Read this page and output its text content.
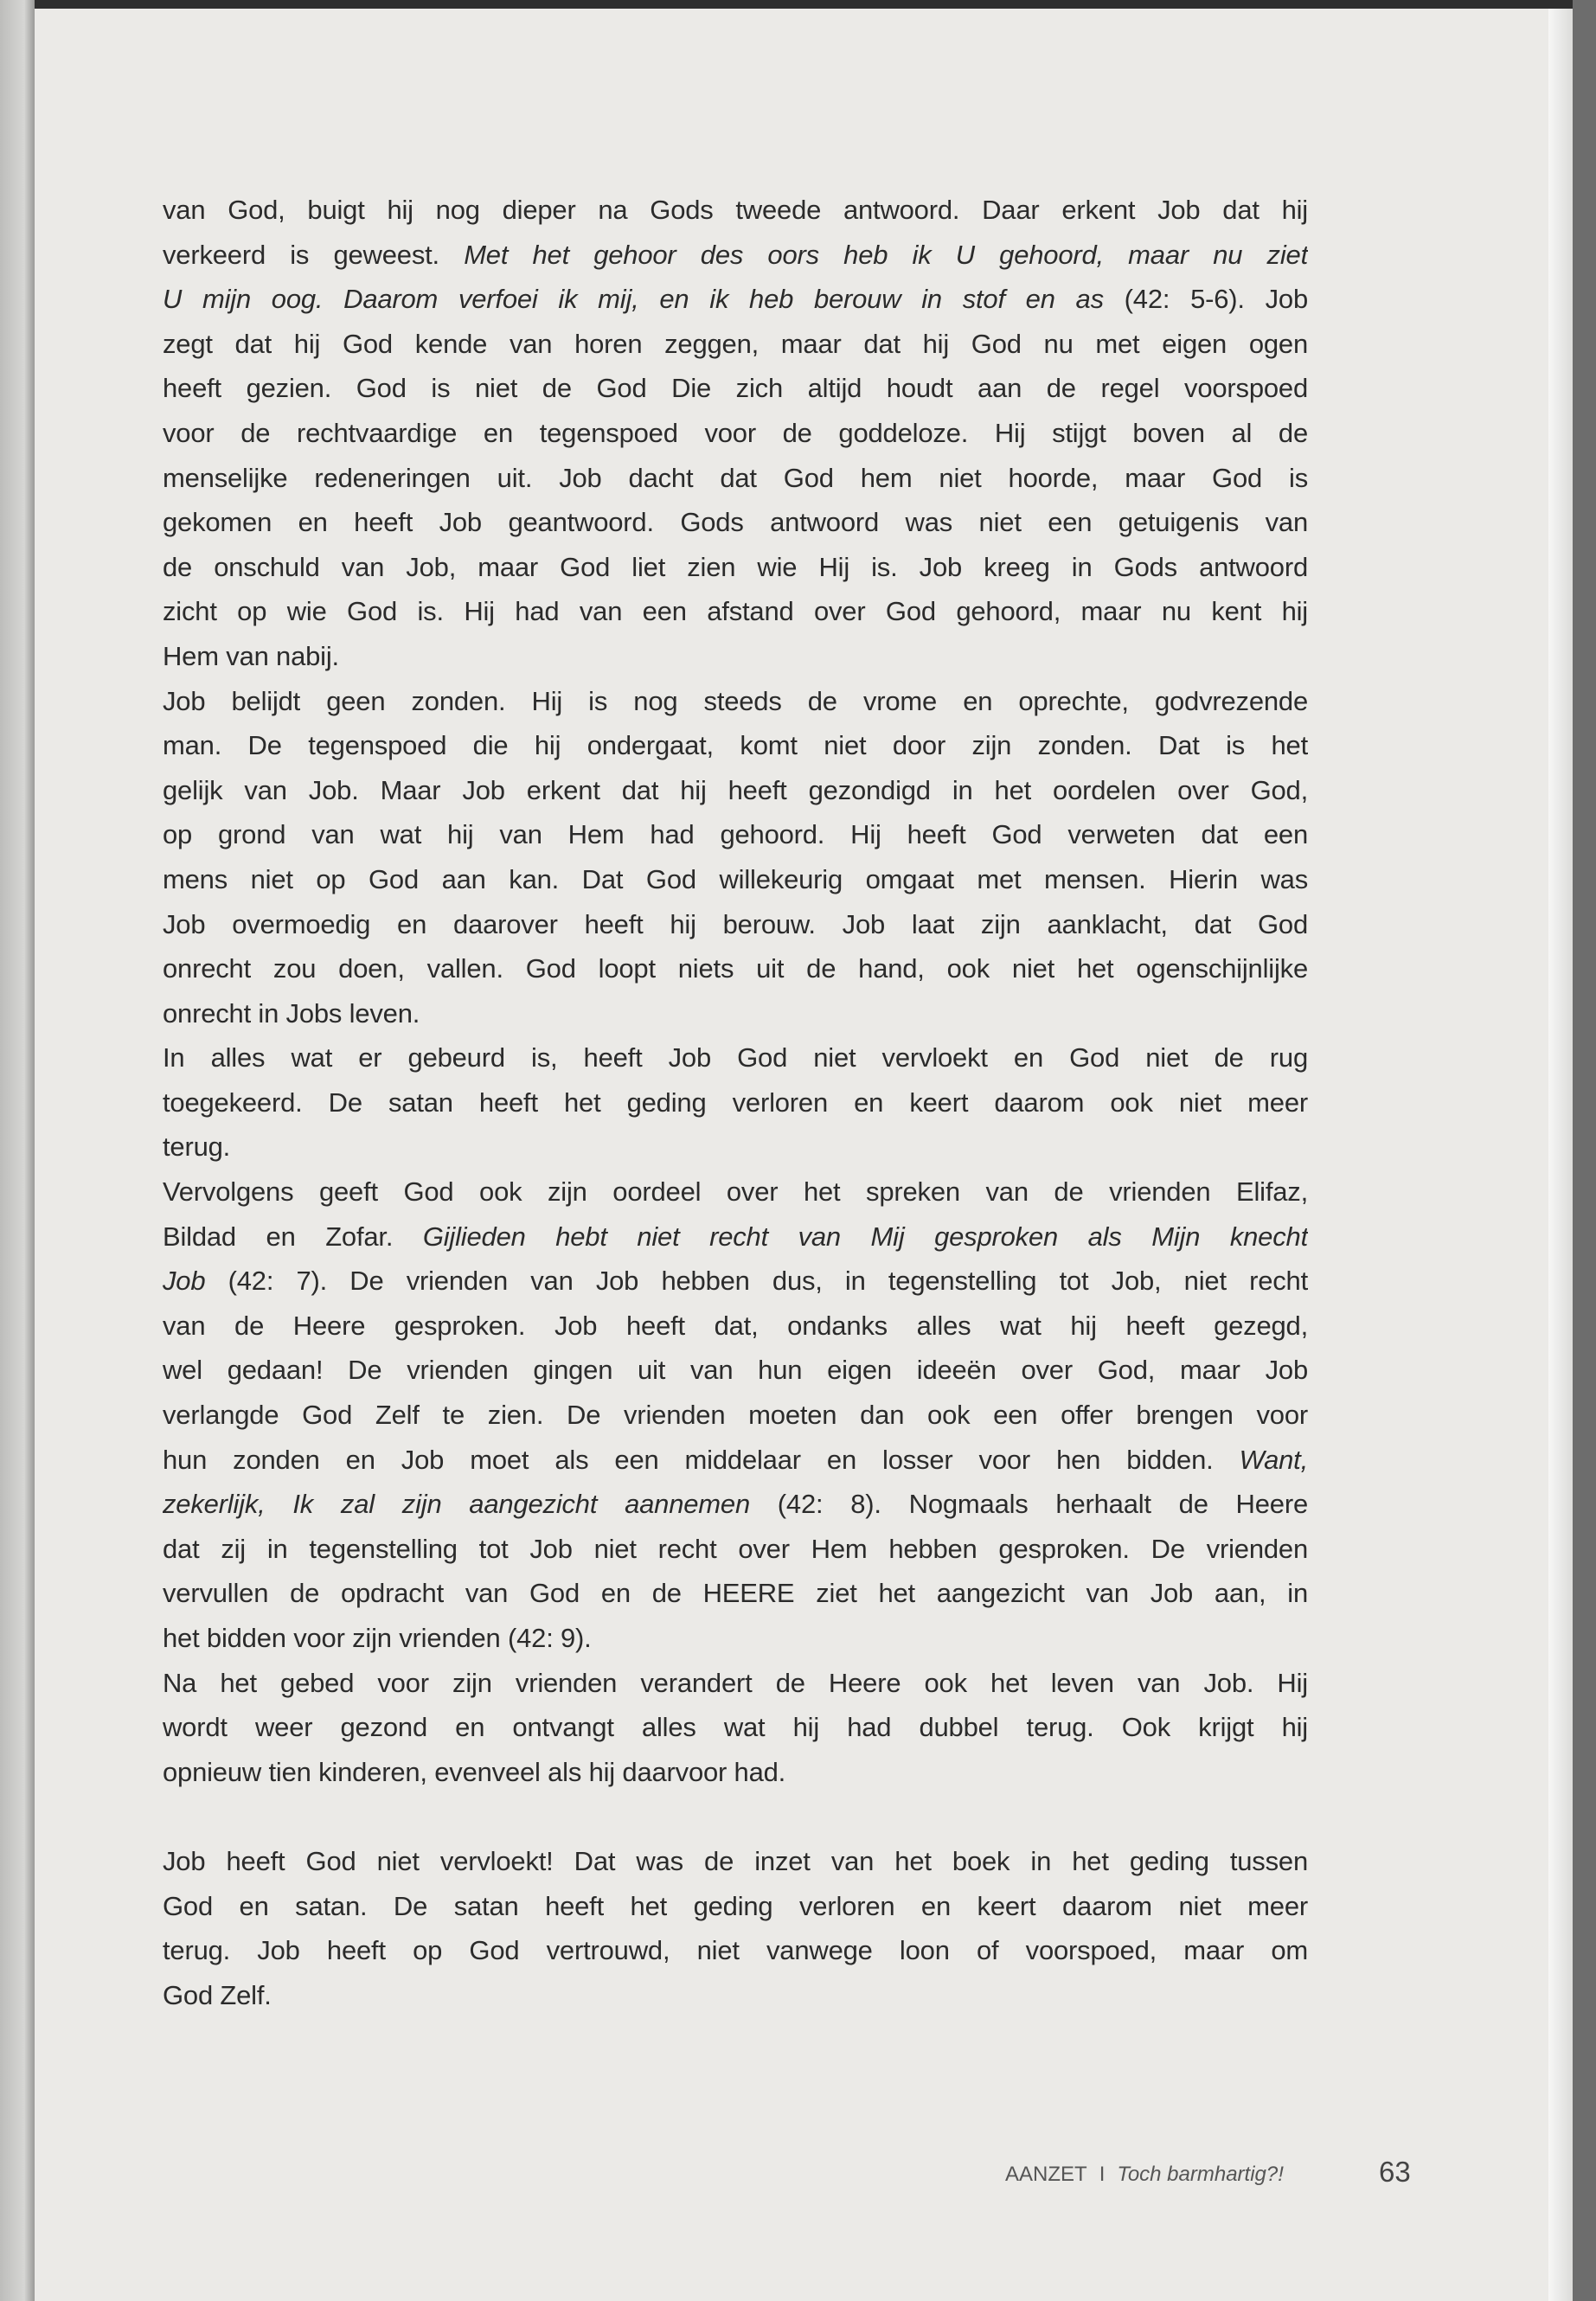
van God, buigt hij nog dieper na Gods tweede antwoord. Daar erkent Job dat hij
verkeerd is geweest. Met het gehoor des oors heb ik U gehoord, maar nu ziet
U mijn oog. Daarom verfoei ik mij, en ik heb berouw in stof en as (42: 5-6). Job
zegt dat hij God kende van horen zeggen, maar dat hij God nu met eigen ogen
heeft gezien. God is niet de God Die zich altijd houdt aan de regel voorspoed
voor de rechtvaardige en tegenspoed voor de goddeloze. Hij stijgt boven al de
menselijke redeneringen uit. Job dacht dat God hem niet hoorde, maar God is
gekomen en heeft Job geantwoord. Gods antwoord was niet een getuigenis van
de onschuld van Job, maar God liet zien wie Hij is. Job kreeg in Gods antwoord
zicht op wie God is. Hij had van een afstand over God gehoord, maar nu kent hij
Hem van nabij.
Job belijdt geen zonden. Hij is nog steeds de vrome en oprechte, godvrezende
man. De tegenspoed die hij ondergaat, komt niet door zijn zonden. Dat is het
gelijk van Job. Maar Job erkent dat hij heeft gezondigd in het oordelen over God,
op grond van wat hij van Hem had gehoord. Hij heeft God verweten dat een
mens niet op God aan kan. Dat God willekeurig omgaat met mensen. Hierin was
Job overmoedig en daarover heeft hij berouw. Job laat zijn aanklacht, dat God
onrecht zou doen, vallen. God loopt niets uit de hand, ook niet het ogenschijnlijke
onrecht in Jobs leven.
In alles wat er gebeurd is, heeft Job God niet vervloekt en God niet de rug
toegekeerd. De satan heeft het geding verloren en keert daarom ook niet meer
terug.
Vervolgens geeft God ook zijn oordeel over het spreken van de vrienden Elifaz,
Bildad en Zofar. Gijlieden hebt niet recht van Mij gesproken als Mijn knecht
Job (42: 7). De vrienden van Job hebben dus, in tegenstelling tot Job, niet recht
van de Heere gesproken. Job heeft dat, ondanks alles wat hij heeft gezegd,
wel gedaan! De vrienden gingen uit van hun eigen ideeën over God, maar Job
verlangde God Zelf te zien. De vrienden moeten dan ook een offer brengen voor
hun zonden en Job moet als een middelaar en losser voor hen bidden. Want,
zekerlijk, Ik zal zijn aangezicht aannemen (42: 8). Nogmaals herhaalt de Heere
dat zij in tegenstelling tot Job niet recht over Hem hebben gesproken. De vrienden
vervullen de opdracht van God en de HEERE ziet het aangezicht van Job aan, in
het bidden voor zijn vrienden (42: 9).
Na het gebed voor zijn vrienden verandert de Heere ook het leven van Job. Hij
wordt weer gezond en ontvangt alles wat hij had dubbel terug. Ook krijgt hij
opnieuw tien kinderen, evenveel als hij daarvoor had.
Job heeft God niet vervloekt! Dat was de inzet van het boek in het geding tussen
God en satan. De satan heeft het geding verloren en keert daarom niet meer
terug. Job heeft op God vertrouwd, niet vanwege loon of voorspoed, maar om
God Zelf.
AANZET I Toch barmhartig?!	63
